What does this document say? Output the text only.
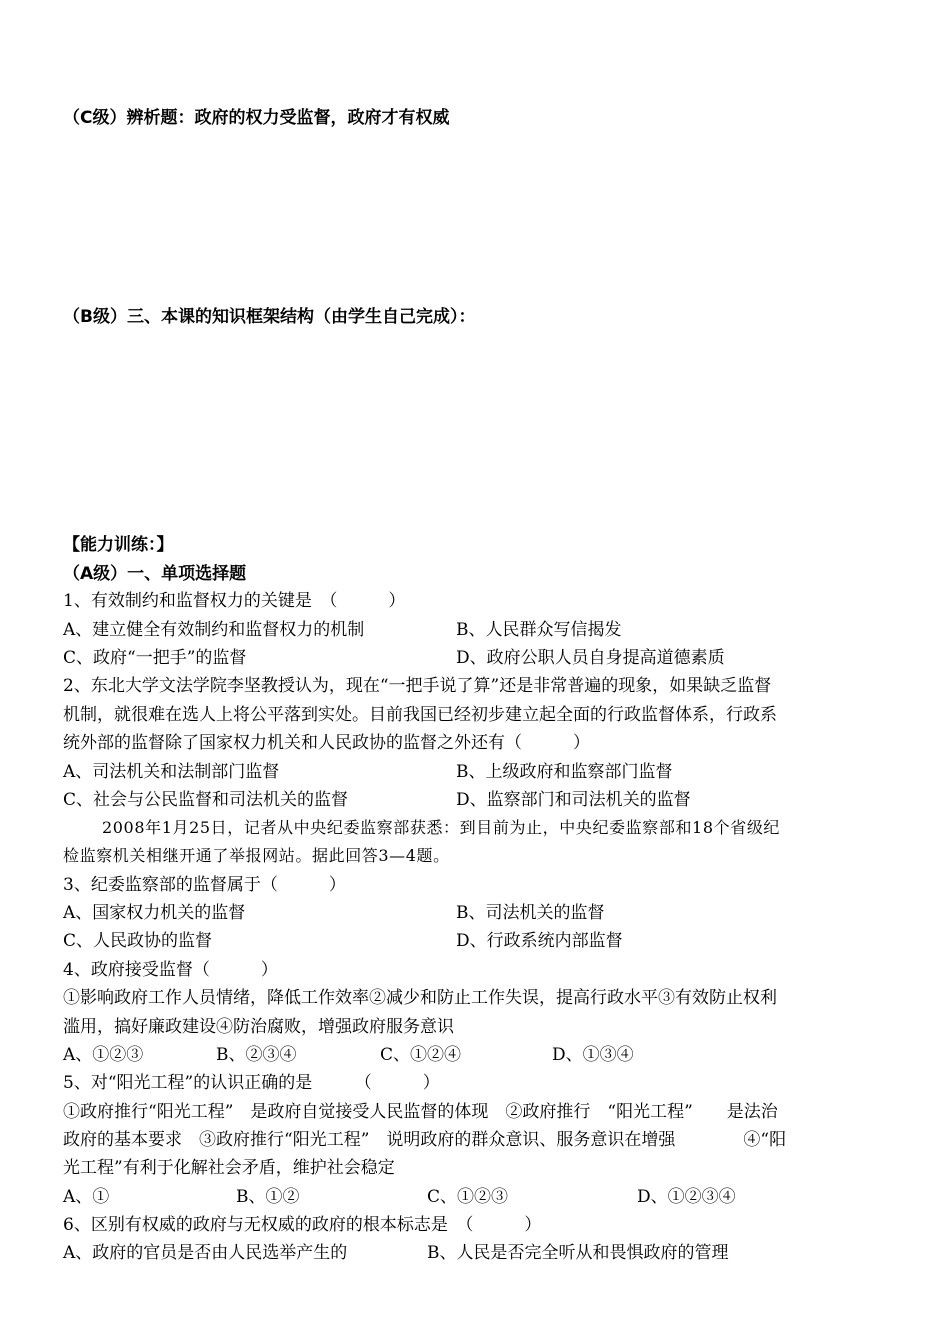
（C级）辨析题：政府的权力受监督，政府才有权威
（B级）三、本课的知识框架结构（由学生自己完成）：
【能力训练：】
（A级）一、单项选择题
1、有效制约和监督权力的关键是　（　　　）
A、建立健全有效制约和监督权力的机制	B、人民群众写信揭发
C、政府“一把手”的监督	D、政府公职人员自身提高道德素质
2、东北大学文法学院李坚教授认为，现在“一把手说了算”还是非常普遍的现象，如果缺乏监督
机制，就很难在选人上将公平落到实处。目前我国已经初步建立起全面的行政监督体系，行政系
统外部的监督除了国家权力机关和人民政协的监督之外还有（　　　）
A、司法机关和法制部门监督	B、上级政府和监察部门监督
C、社会与公民监督和司法机关的监督	D、监察部门和司法机关的监督
2008年1月25日，记者从中央纪委监察部获悉：到目前为止，中央纪委监察部和18个省级纪
检监察机关相继开通了举报网站。据此回答3—4题。
3、纪委监察部的监督属于（　　　）
A、国家权力机关的监督	B、司法机关的监督
C、人民政协的监督	D、行政系统内部监督
4、政府接受监督（　　　）
①影响政府工作人员情绪，降低工作效率②减少和防止工作失误，提高行政水平③有效防止权利
滥用，搞好廉政建设④防治腐败，增强政府服务意识
A、①②③	B、②③④	C、①②④	D、①③④
5、对“阳光工程”的认识正确的是　　　（　　　）
①政府推行“阳光工程”　是政府自觉接受人民监督的体现　②政府推行　“阳光工程”　　是法治
政府的基本要求　③政府推行“阳光工程”　说明政府的群众意识、服务意识在增强　　　　④“阳
光工程”有利于化解社会矛盾，维护社会稳定
A、①	B、①②	C、①②③	D、①②③④
6、区别有权威的政府与无权威的政府的根本标志是　（　　　）
A、政府的官员是否由人民选举产生的	B、人民是否完全听从和畏惧政府的管理
